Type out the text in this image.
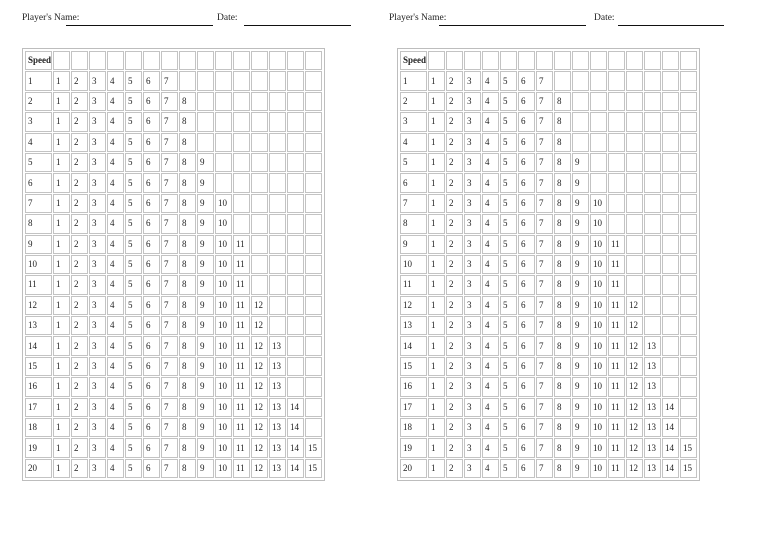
Player's Name:	Date:
Speed															
1	1	2	3	4	5	6	7								
2	1	2	3	4	5	6	7	8							
3	1	2	3	4	5	6	7	8							
4	1	2	3	4	5	6	7	8							
5	1	2	3	4	5	6	7	8	9						
6	1	2	3	4	5	6	7	8	9						
7	1	2	3	4	5	6	7	8	9	10					
8	1	2	3	4	5	6	7	8	9	10					
9	1	2	3	4	5	6	7	8	9	10	11				
10	1	2	3	4	5	6	7	8	9	10	11				
11	1	2	3	4	5	6	7	8	9	10	11				
12	1	2	3	4	5	6	7	8	9	10	11	12			
13	1	2	3	4	5	6	7	8	9	10	11	12			
14	1	2	3	4	5	6	7	8	9	10	11	12	13		
15	1	2	3	4	5	6	7	8	9	10	11	12	13		
16	1	2	3	4	5	6	7	8	9	10	11	12	13		
17	1	2	3	4	5	6	7	8	9	10	11	12	13	14	
18	1	2	3	4	5	6	7	8	9	10	11	12	13	14	
19	1	2	3	4	5	6	7	8	9	10	11	12	13	14	15
20	1	2	3	4	5	6	7	8	9	10	11	12	13	14	15
Player's Name:	Date:
Speed															
1	1	2	3	4	5	6	7								
2	1	2	3	4	5	6	7	8							
3	1	2	3	4	5	6	7	8							
4	1	2	3	4	5	6	7	8							
5	1	2	3	4	5	6	7	8	9						
6	1	2	3	4	5	6	7	8	9						
7	1	2	3	4	5	6	7	8	9	10					
8	1	2	3	4	5	6	7	8	9	10					
9	1	2	3	4	5	6	7	8	9	10	11				
10	1	2	3	4	5	6	7	8	9	10	11				
11	1	2	3	4	5	6	7	8	9	10	11				
12	1	2	3	4	5	6	7	8	9	10	11	12			
13	1	2	3	4	5	6	7	8	9	10	11	12			
14	1	2	3	4	5	6	7	8	9	10	11	12	13		
15	1	2	3	4	5	6	7	8	9	10	11	12	13		
16	1	2	3	4	5	6	7	8	9	10	11	12	13		
17	1	2	3	4	5	6	7	8	9	10	11	12	13	14	
18	1	2	3	4	5	6	7	8	9	10	11	12	13	14	
19	1	2	3	4	5	6	7	8	9	10	11	12	13	14	15
20	1	2	3	4	5	6	7	8	9	10	11	12	13	14	15
